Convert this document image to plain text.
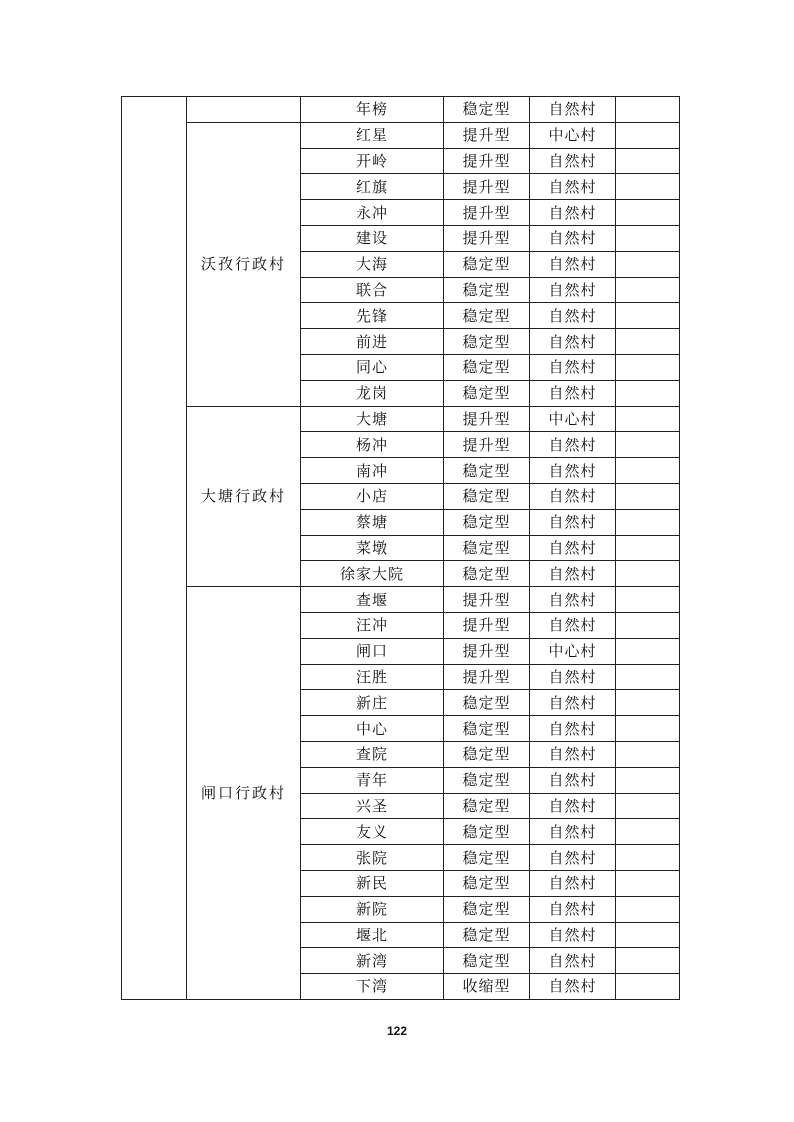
		年榜	稳定型	自然村	
	沃孜行政村	红星	提升型	中心村	
		开岭	提升型	自然村	
		红旗	提升型	自然村	
		永冲	提升型	自然村	
		建设	提升型	自然村	
		大海	稳定型	自然村	
		联合	稳定型	自然村	
		先锋	稳定型	自然村	
		前进	稳定型	自然村	
		同心	稳定型	自然村	
		龙岗	稳定型	自然村	
	大塘行政村	大塘	提升型	中心村	
		杨冲	提升型	自然村	
		南冲	稳定型	自然村	
		小店	稳定型	自然村	
		蔡塘	稳定型	自然村	
		菜墩	稳定型	自然村	
		徐家大院	稳定型	自然村	
	闸口行政村	查堰	提升型	自然村	
		汪冲	提升型	自然村	
		闸口	提升型	中心村	
		汪胜	提升型	自然村	
		新庄	稳定型	自然村	
		中心	稳定型	自然村	
		查院	稳定型	自然村	
		青年	稳定型	自然村	
		兴圣	稳定型	自然村	
		友义	稳定型	自然村	
		张院	稳定型	自然村	
		新民	稳定型	自然村	
		新院	稳定型	自然村	
		堰北	稳定型	自然村	
		新湾	稳定型	自然村	
		下湾	收缩型	自然村	
122
